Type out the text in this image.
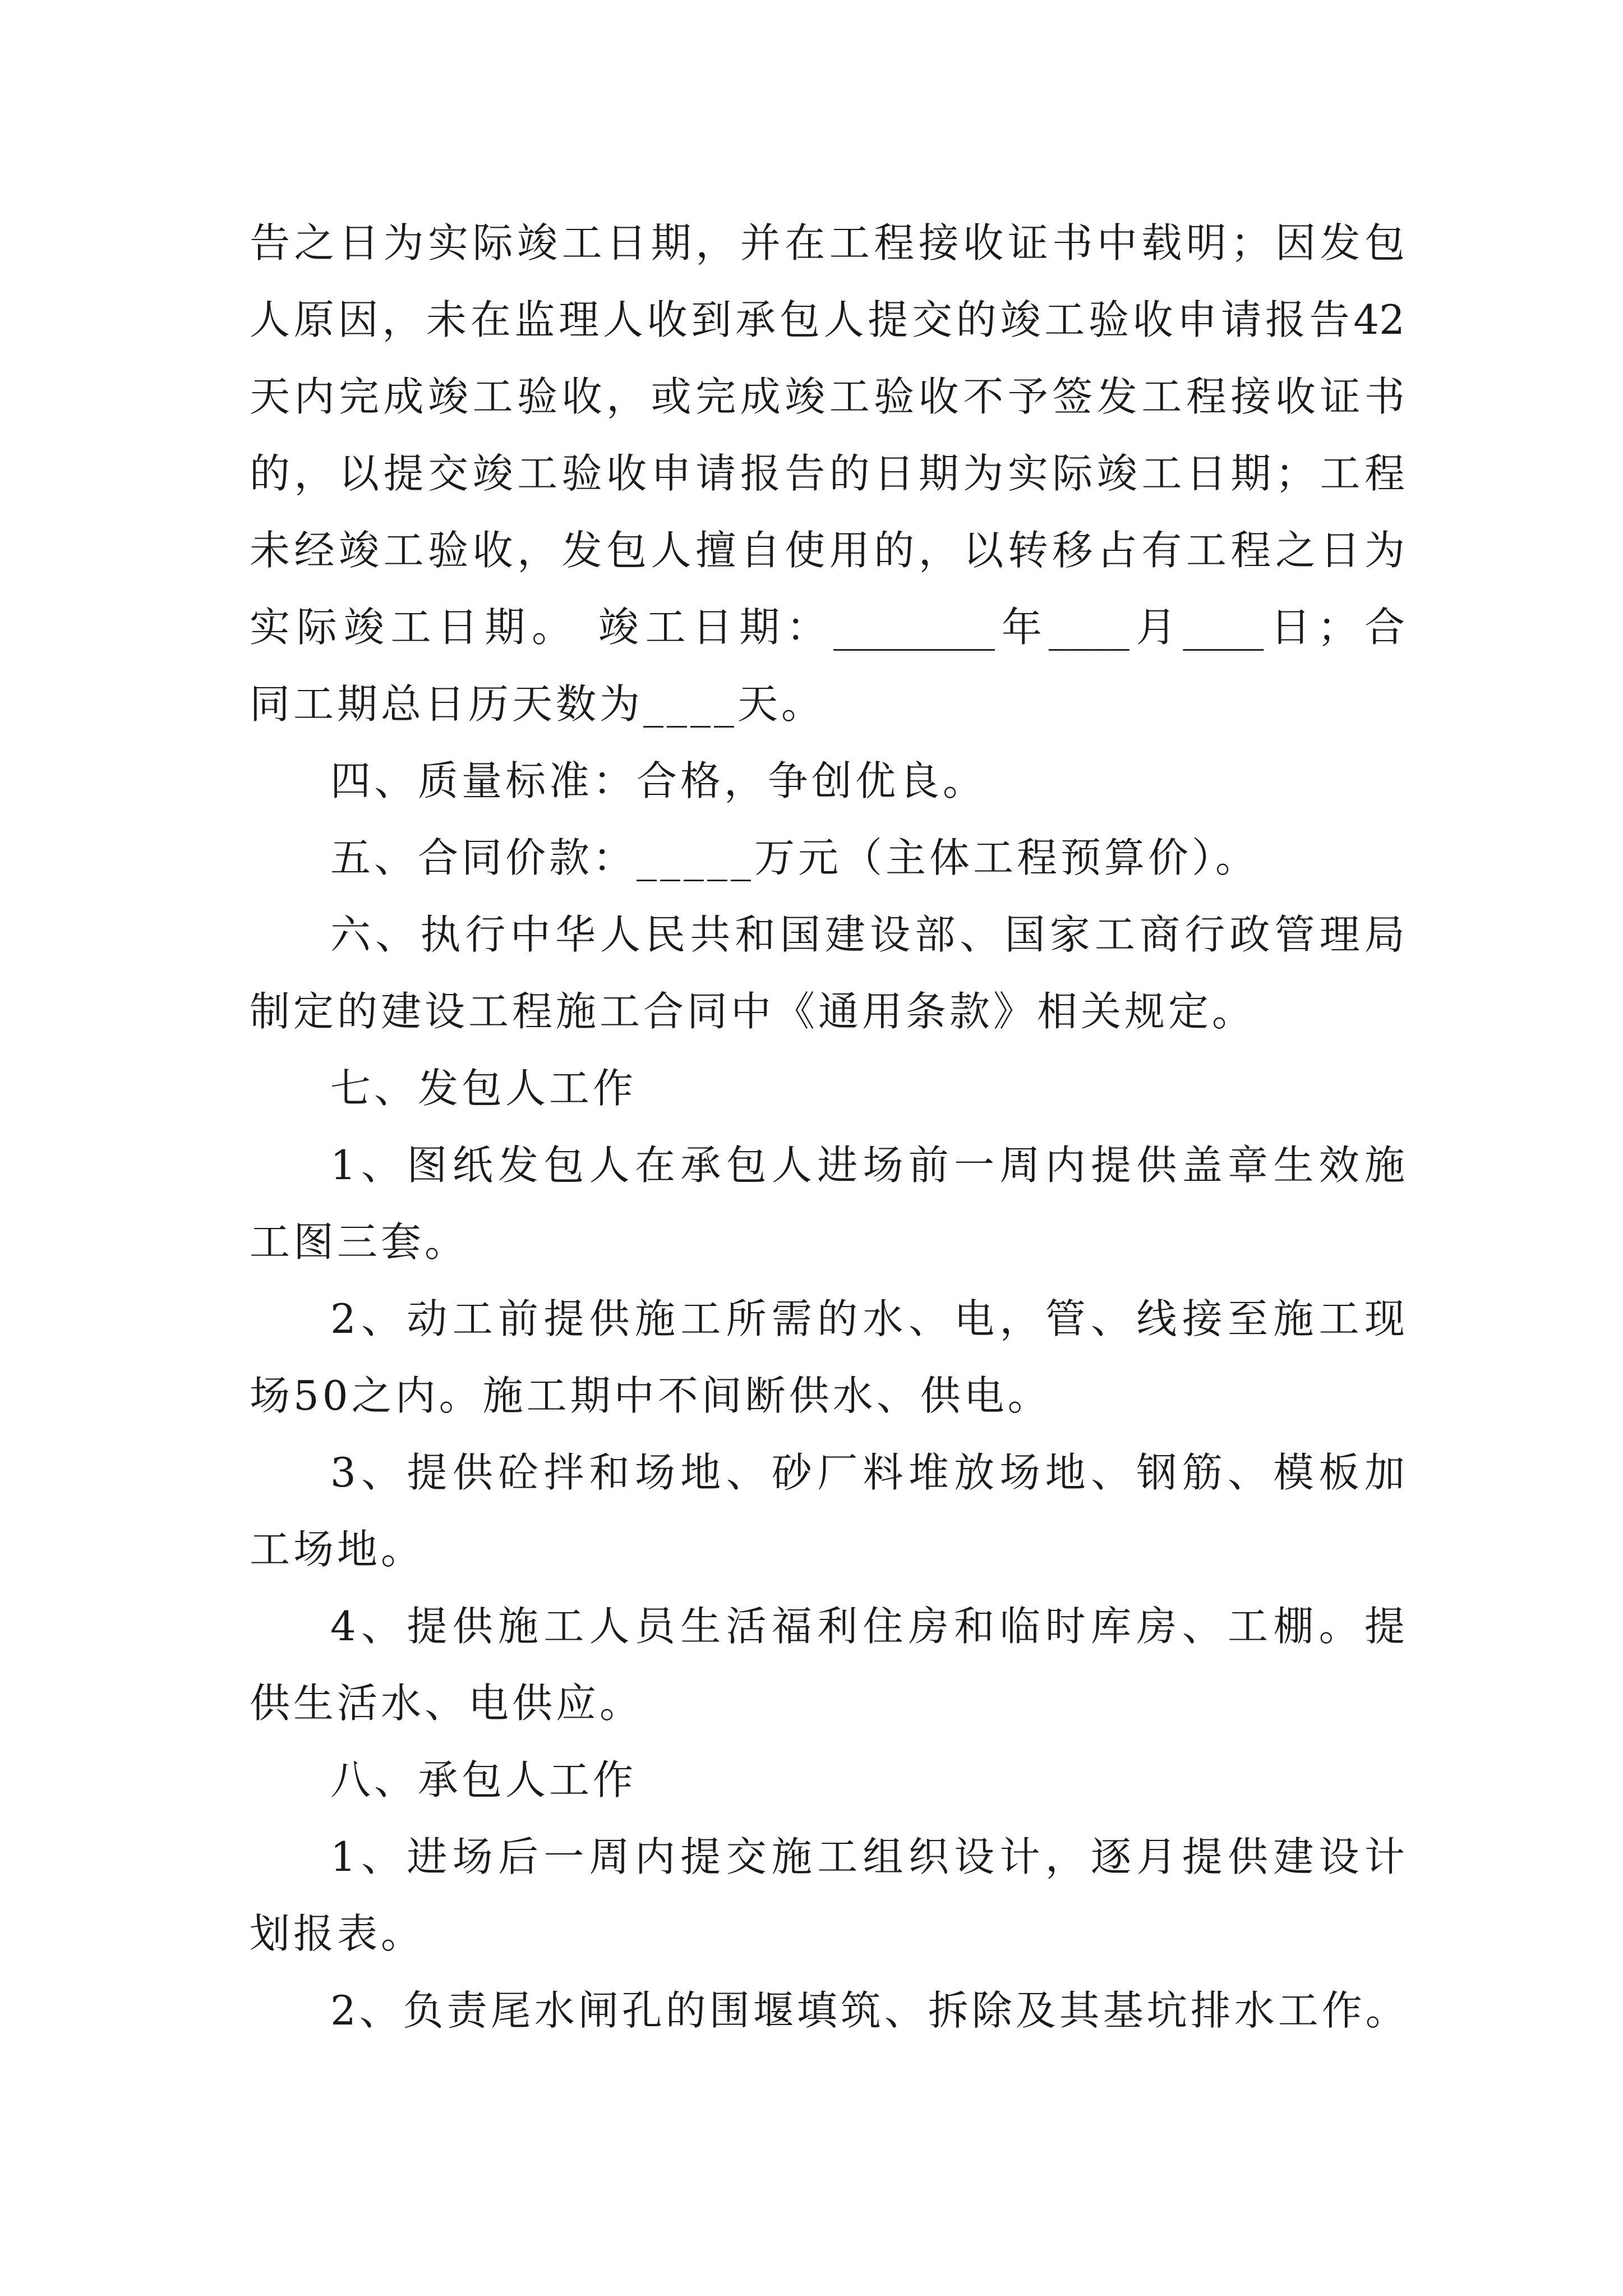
告之日为实际竣工日期，并在工程接收证书中载明；因发包
人原因，未在监理人收到承包人提交的竣工验收申请报告42
天内完成竣工验收，或完成竣工验收不予签发工程接收证书
的，以提交竣工验收申请报告的日期为实际竣工日期；工程
未经竣工验收，发包人擅自使用的，以转移占有工程之日为
实际竣工日期。 竣工日期：________年____月____日；合
同工期总日历天数为____天。
四、质量标准：合格，争创优良。
五、合同价款：_____万元（主体工程预算价）。
六、执行中华人民共和国建设部、国家工商行政管理局
制定的建设工程施工合同中《通用条款》相关规定。
七、发包人工作
1、图纸发包人在承包人进场前一周内提供盖章生效施
工图三套。
2、动工前提供施工所需的水、电，管、线接至施工现
场50之内。施工期中不间断供水、供电。
3、提供砼拌和场地、砂厂料堆放场地、钢筋、模板加
工场地。
4、提供施工人员生活福利住房和临时库房、工棚。提
供生活水、电供应。
八、承包人工作
1、进场后一周内提交施工组织设计，逐月提供建设计
划报表。
2、负责尾水闸孔的围堰填筑、拆除及其基坑排水工作。
